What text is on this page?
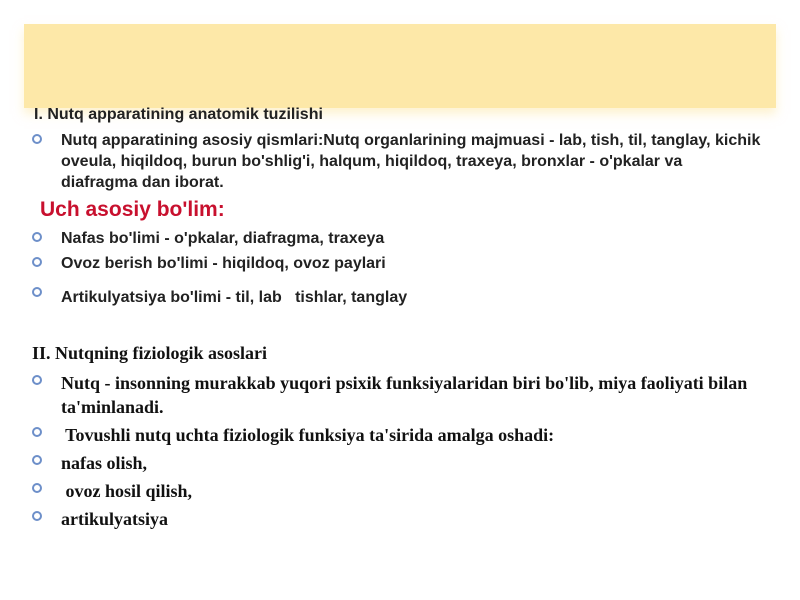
I. Nutq apparatining anatomik tuzilishi

Nutq apparatining asosiy qismlari:Nutq organlarining majmuasi - lab, tish, til, tanglay, kichik oveula, hiqildoq, burun bo'shlig'i, halqum, hiqildoq, traxeya, bronxlar - o'pkalar va diafragma dan iborat.

Uch asosiy bo'lim:

Nafas bo'limi - o'pkalar, diafragma, traxeya
Ovoz berish bo'limi - hiqildoq, ovoz paylari
Artikulyatsiya bo'limi - til, lab   tishlar, tanglay

II. Nutqning fiziologik asoslari

Nutq - insonning murakkab yuqori psixik funksiyalaridan biri bo'lib, miya faoliyati bilan ta'minlanadi.
Tovushli nutq uchta fiziologik funksiya ta'sirida amalga oshadi:
nafas olish,
ovoz hosil qilish,
artikulyatsiya
